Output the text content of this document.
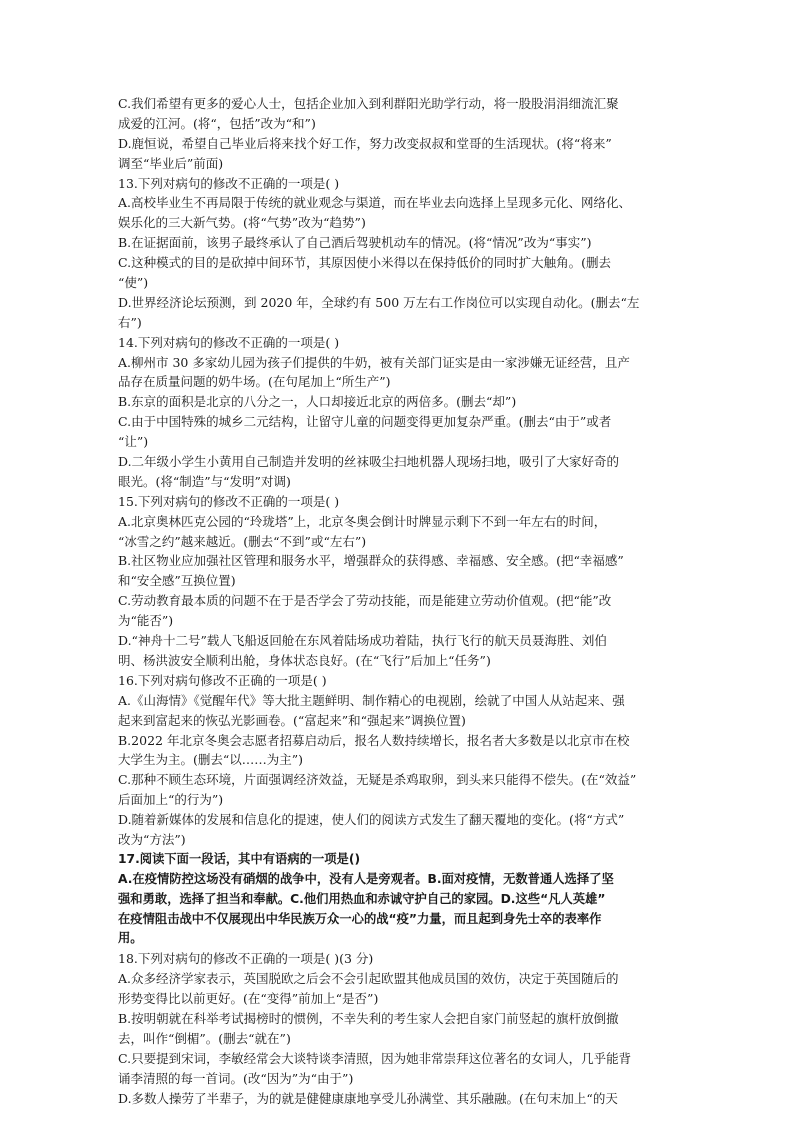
C.我们希望有更多的爱心人士，包括企业加入到利群阳光助学行动，将一股股涓涓细流汇聚
成爱的江河。(将“，包括”改为“和”)
D.鹿恒说，希望自己毕业后将来找个好工作，努力改变叔叔和堂哥的生活现状。(将“将来”
调至“毕业后”前面)
13.下列对病句的修改不正确的一项是( )
A.高校毕业生不再局限于传统的就业观念与渠道，而在毕业去向选择上呈现多元化、网络化、
娱乐化的三大新气势。(将“气势”改为“趋势”)
B.在证据面前，该男子最终承认了自己酒后驾驶机动车的情况。(将“情况”改为“事实”)
C.这种模式的目的是砍掉中间环节，其原因使小米得以在保持低价的同时扩大触角。(删去
“使”)
D.世界经济论坛预测，到 2020 年，全球约有 500 万左右工作岗位可以实现自动化。(删去“左
右”)
14.下列对病句的修改不正确的一项是( )
A.柳州市 30 多家幼儿园为孩子们提供的牛奶，被有关部门证实是由一家涉嫌无证经营，且产
品存在质量问题的奶牛场。(在句尾加上“所生产”)
B.东京的面积是北京的八分之一，人口却接近北京的两倍多。(删去“却”)
C.由于中国特殊的城乡二元结构，让留守儿童的问题变得更加复杂严重。(删去“由于”或者
“让”)
D.二年级小学生小黄用自己制造并发明的丝袜吸尘扫地机器人现场扫地，吸引了大家好奇的
眼光。(将“制造”与“发明”对调)
15.下列对病句的修改不正确的一项是( )
A.北京奥林匹克公园的“玲珑塔”上，北京冬奥会倒计时牌显示剩下不到一年左右的时间，
“冰雪之约”越来越近。(删去“不到”或“左右”)
B.社区物业应加强社区管理和服务水平，增强群众的获得感、幸福感、安全感。(把“幸福感”
和“安全感”互换位置)
C.劳动教育最本质的问题不在于是否学会了劳动技能，而是能建立劳动价值观。(把“能”改
为“能否”)
D.“神舟十二号”载人飞船返回舱在东风着陆场成功着陆，执行飞行的航天员聂海胜、刘伯
明、杨洪波安全顺利出舱，身体状态良好。(在“飞行”后加上“任务”)
16.下列对病句修改不正确的一项是( )
A.《山海情》《觉醒年代》等大批主题鲜明、制作精心的电视剧，绘就了中国人从站起来、强
起来到富起来的恢弘光影画卷。(“富起来”和“强起来”调换位置)
B.2022 年北京冬奥会志愿者招募启动后，报名人数持续增长，报名者大多数是以北京市在校
大学生为主。(删去“以……为主”)
C.那种不顾生态环境，片面强调经济效益，无疑是杀鸡取卵，到头来只能得不偿失。(在“效益”
后面加上“的行为”)
D.随着新媒体的发展和信息化的提速，使人们的阅读方式发生了翻天覆地的变化。(将“方式”
改为“方法”)
17.阅读下面一段话，其中有语病的一项是()
A.在疫情防控这场没有硝烟的战争中，没有人是旁观者。B.面对疫情，无数普通人选择了坚
强和勇敢，选择了担当和奉献。C.他们用热血和赤诚守护自己的家园。D.这些“凡人英雄”
在疫情阻击战中不仅展现出中华民族万众一心的战“疫”力量，而且起到身先士卒的表率作
用。
18.下列对病句的修改不正确的一项是( )(3 分)
A.众多经济学家表示，英国脱欧之后会不会引起欧盟其他成员国的效仿，决定于英国随后的
形势变得比以前更好。(在“变得”前加上“是否”)
B.按明朝就在科举考试揭榜时的惯例，不幸失利的考生家人会把自家门前竖起的旗杆放倒撤
去，叫作“倒楣”。(删去“就在”)
C.只要提到宋词，李敏经常会大谈特谈李清照，因为她非常崇拜这位著名的女词人，几乎能背
诵李清照的每一首词。(改“因为”为“由于”)
D.多数人操劳了半辈子，为的就是健健康康地享受儿孙满堂、其乐融融。(在句末加上“的天
